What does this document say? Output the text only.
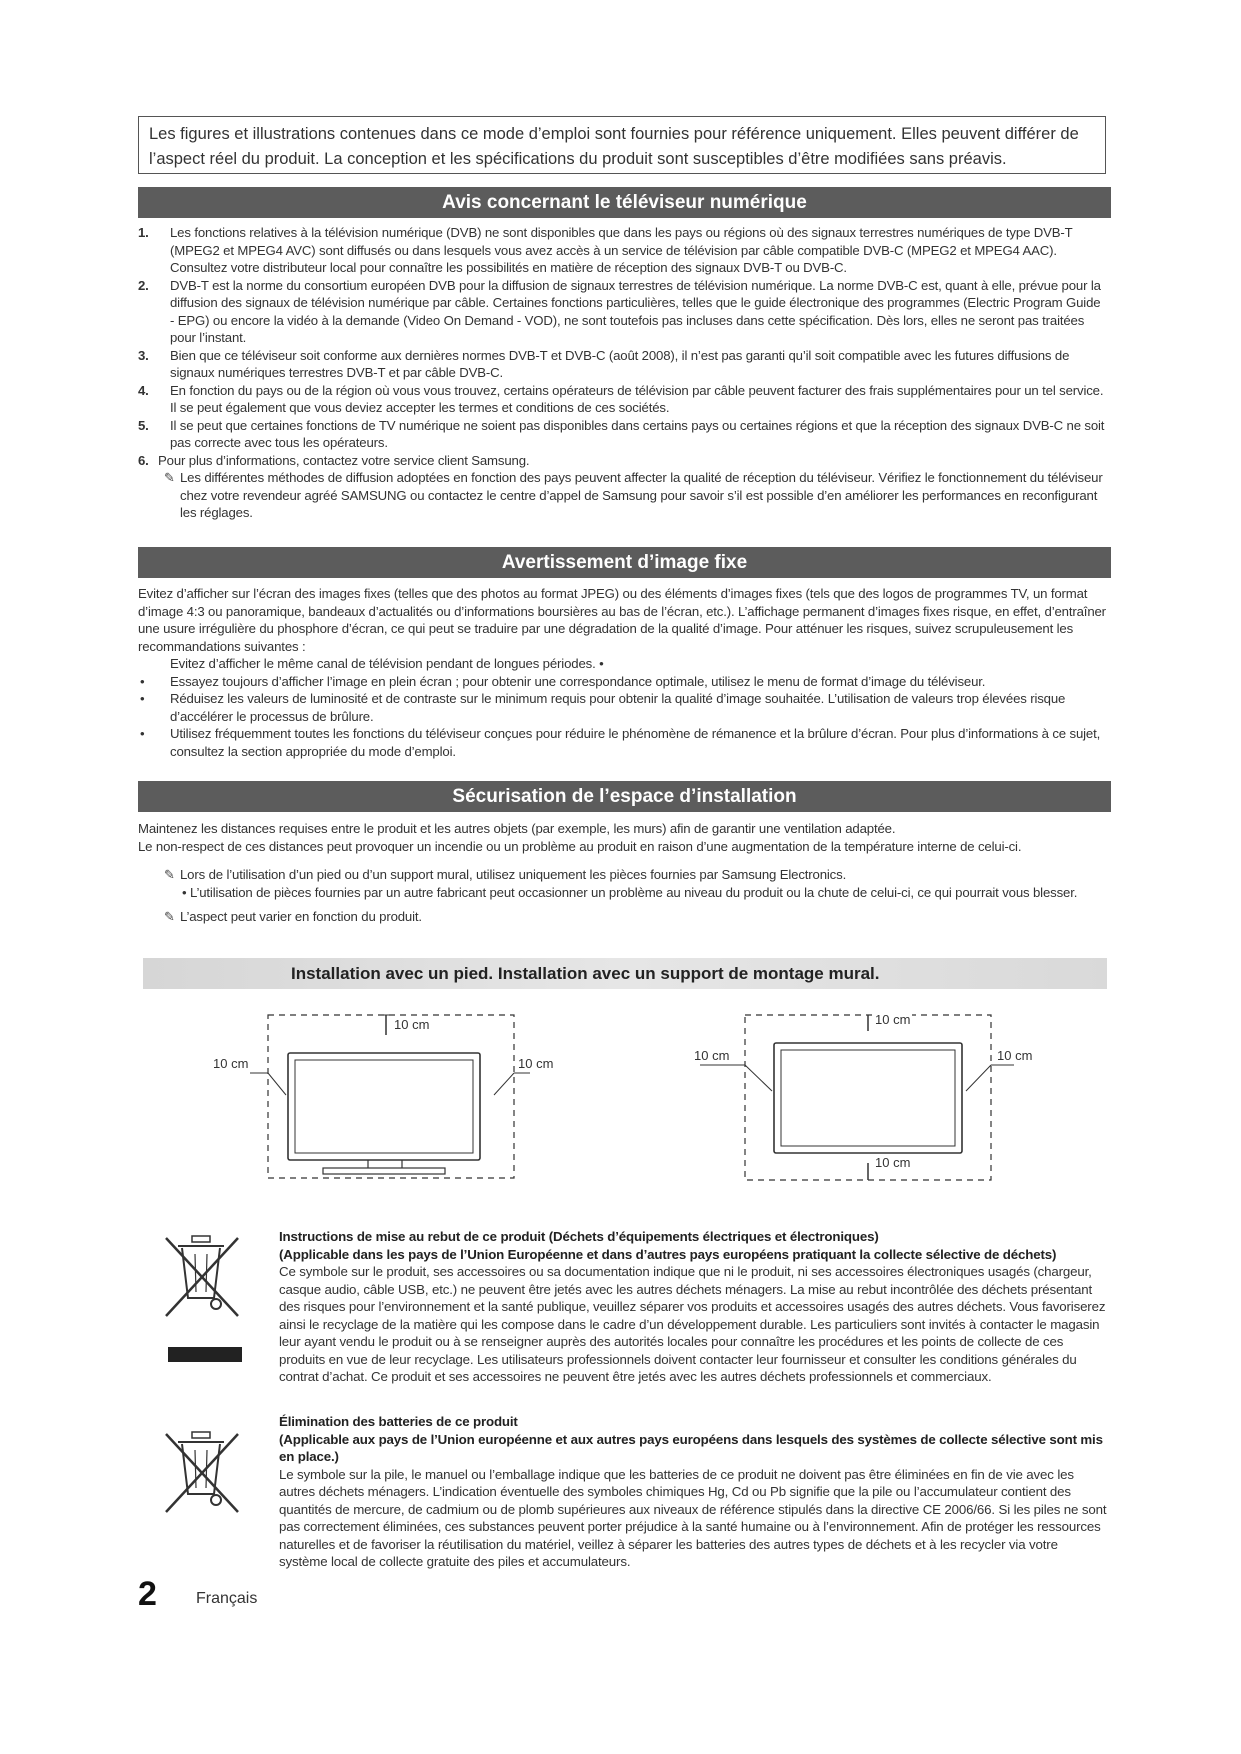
Les figures et illustrations contenues dans ce mode d’emploi sont fournies pour référence uniquement. Elles peuvent différer de l’aspect réel du produit. La conception et les spécifications du produit sont susceptibles d’être modifiées sans préavis.
Avis concernant le téléviseur numérique
1. Les fonctions relatives à la télévision numérique (DVB) ne sont disponibles que dans les pays ou régions où des signaux terrestres numériques de type DVB-T (MPEG2 et MPEG4 AVC) sont diffusés ou dans lesquels vous avez accès à un service de télévision par câble compatible DVB-C (MPEG2 et MPEG4 AAC). Consultez votre distributeur local pour connaître les possibilités en matière de réception des signaux DVB-T ou DVB-C.
2. DVB-T est la norme du consortium européen DVB pour la diffusion de signaux terrestres de télévision numérique. La norme DVB-C est, quant à elle, prévue pour la diffusion des signaux de télévision numérique par câble. Certaines fonctions particulières, telles que le guide électronique des programmes (Electric Program Guide - EPG) ou encore la vidéo à la demande (Video On Demand - VOD), ne sont toutefois pas incluses dans cette spécification. Dès lors, elles ne seront pas traitées pour l’instant.
3. Bien que ce téléviseur soit conforme aux dernières normes DVB-T et DVB-C (août 2008), il n’est pas garanti qu’il soit compatible avec les futures diffusions de signaux numériques terrestres DVB-T et par câble DVB-C.
4. En fonction du pays ou de la région où vous vous trouvez, certains opérateurs de télévision par câble peuvent facturer des frais supplémentaires pour un tel service. Il se peut également que vous deviez accepter les termes et conditions de ces sociétés.
5. Il se peut que certaines fonctions de TV numérique ne soient pas disponibles dans certains pays ou certaines régions et que la réception des signaux DVB-C ne soit pas correcte avec tous les opérateurs.
6. Pour plus d’informations, contactez votre service client Samsung.
✎ Les différentes méthodes de diffusion adoptées en fonction des pays peuvent affecter la qualité de réception du téléviseur. Vérifiez le fonctionnement du téléviseur chez votre revendeur agréé SAMSUNG ou contactez le centre d’appel de Samsung pour savoir s’il est possible d’en améliorer les performances en reconfigurant les réglages.
Avertissement d’image fixe
Evitez d’afficher sur l’écran des images fixes (telles que des photos au format JPEG) ou des éléments d’images fixes (tels que des logos de programmes TV, un format d’image 4:3 ou panoramique, bandeaux d’actualités ou d’informations boursières au bas de l’écran, etc.). L’affichage permanent d’images fixes risque, en effet, d’entraîner une usure irrégulière du phosphore d’écran, ce qui peut se traduire par une dégradation de la qualité d’image. Pour atténuer les risques, suivez scrupuleusement les recommandations suivantes :
Evitez d’afficher le même canal de télévision pendant de longues périodes. •
• Essayez toujours d’afficher l’image en plein écran ; pour obtenir une correspondance optimale, utilisez le menu de format d’image du téléviseur.
• Réduisez les valeurs de luminosité et de contraste sur le minimum requis pour obtenir la qualité d’image souhaitée. L’utilisation de valeurs trop élevées risque d’accélérer le processus de brûlure.
• Utilisez fréquemment toutes les fonctions du téléviseur conçues pour réduire le phénomène de rémanence et la brûlure d’écran. Pour plus d’informations à ce sujet, consultez la section appropriée du mode d’emploi.
Sécurisation de l’espace d’installation
Maintenez les distances requises entre le produit et les autres objets (par exemple, les murs) afin de garantir une ventilation adaptée.
Le non-respect de ces distances peut provoquer un incendie ou un problème au produit en raison d’une augmentation de la température interne de celui-ci.
✎ Lors de l’utilisation d’un pied ou d’un support mural, utilisez uniquement les pièces fournies par Samsung Electronics.
• L’utilisation de pièces fournies par un autre fabricant peut occasionner un problème au niveau du produit ou la chute de celui-ci, ce qui pourrait vous blesser.
✎ L’aspect peut varier en fonction du produit.
Installation avec un pied. Installation avec un support de montage mural.
10 cm
10 cm	10 cm
10 cm
10 cm	10 cm
10 cm
Instructions de mise au rebut de ce produit (Déchets d’équipements électriques et électroniques)
(Applicable dans les pays de l’Union Européenne et dans d’autres pays européens pratiquant la collecte sélective de déchets)
Ce symbole sur le produit, ses accessoires ou sa documentation indique que ni le produit, ni ses accessoires électroniques usagés (chargeur, casque audio, câble USB, etc.) ne peuvent être jetés avec les autres déchets ménagers. La mise au rebut incontrôlée des déchets présentant des risques pour l’environnement et la santé publique, veuillez séparer vos produits et accessoires usagés des autres déchets. Vous favoriserez ainsi le recyclage de la matière qui les compose dans le cadre d’un développement durable. Les particuliers sont invités à contacter le magasin leur ayant vendu le produit ou à se renseigner auprès des autorités locales pour connaître les procédures et les points de collecte de ces produits en vue de leur recyclage. Les utilisateurs professionnels doivent contacter leur fournisseur et consulter les conditions générales du contrat d’achat. Ce produit et ses accessoires ne peuvent être jetés avec les autres déchets professionnels et commerciaux.
Élimination des batteries de ce produit
(Applicable aux pays de l’Union européenne et aux autres pays européens dans lesquels des systèmes de collecte sélective sont mis en place.)
Le symbole sur la pile, le manuel ou l’emballage indique que les batteries de ce produit ne doivent pas être éliminées en fin de vie avec les autres déchets ménagers. L’indication éventuelle des symboles chimiques Hg, Cd ou Pb signifie que la pile ou l’accumulateur contient des quantités de mercure, de cadmium ou de plomb supérieures aux niveaux de référence stipulés dans la directive CE 2006/66. Si les piles ne sont pas correctement éliminées, ces substances peuvent porter préjudice à la santé humaine ou à l’environnement. Afin de protéger les ressources naturelles et de favoriser la réutilisation du matériel, veillez à séparer les batteries des autres types de déchets et à les recycler via votre système local de collecte gratuite des piles et accumulateurs.
2 Français
